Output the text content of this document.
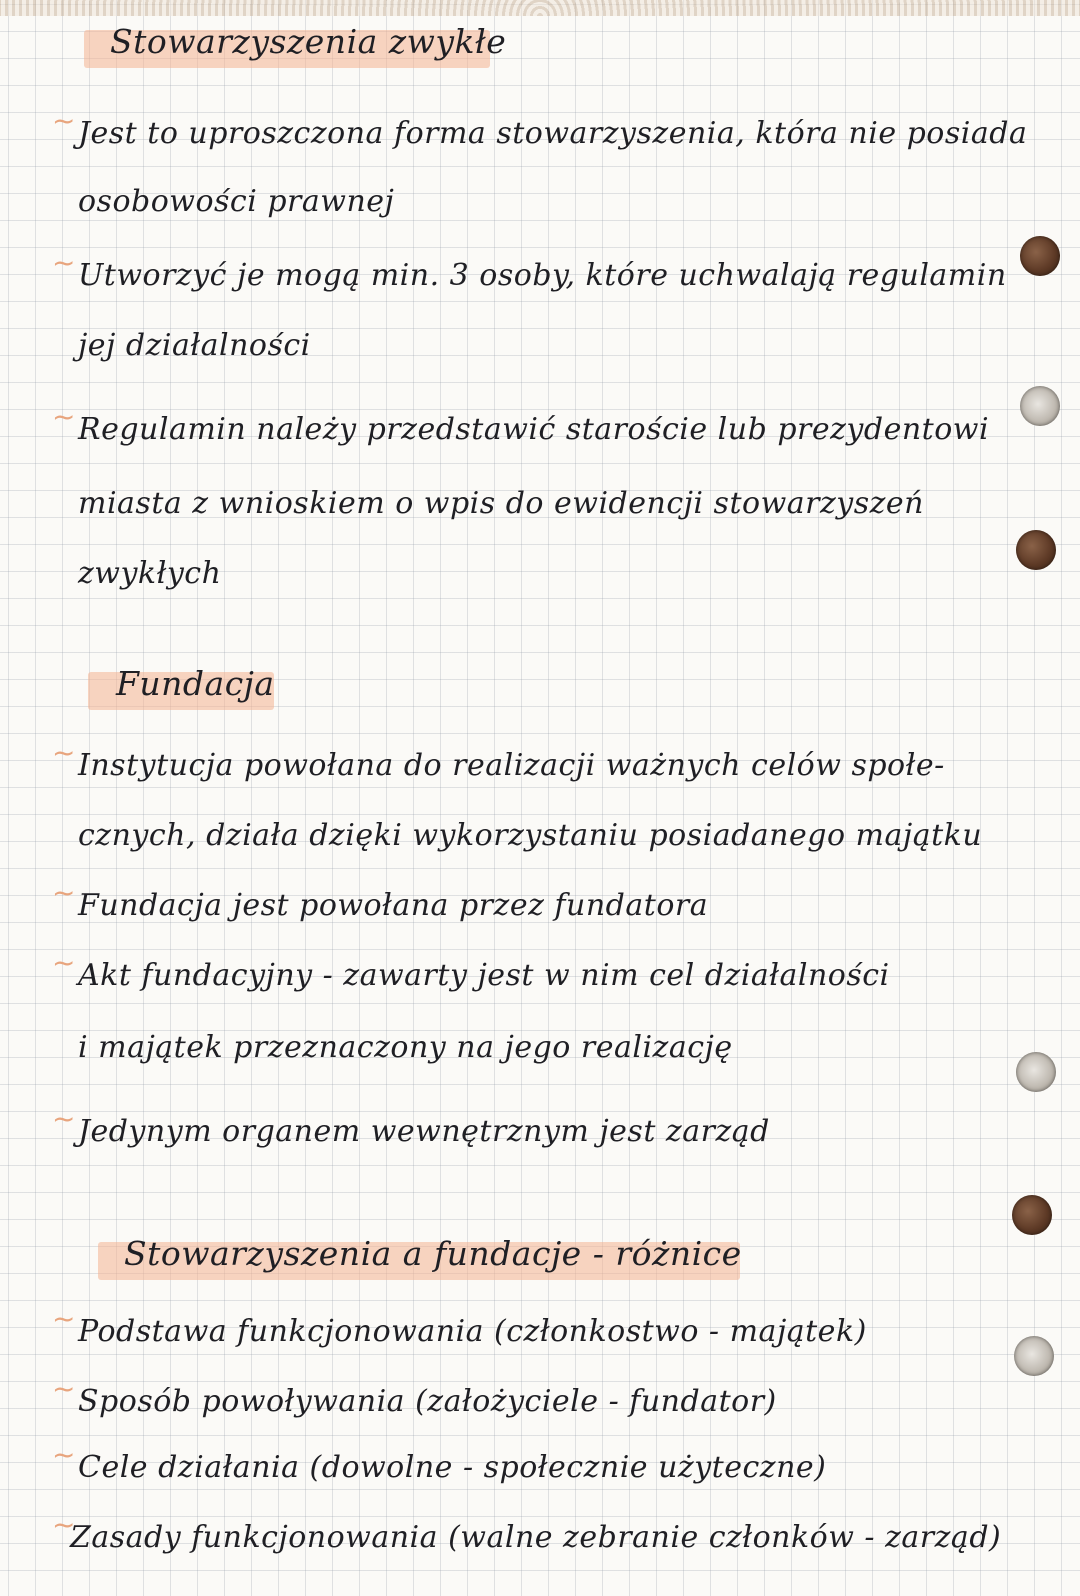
Stowarzyszenia zwykłe
~ Jest to uproszczona forma stowarzyszenia, która nie posiada
osobowości prawnej
~ Utworzyć je mogą min. 3 osoby, które uchwalają regulamin
jej działalności
~ Regulamin należy przedstawić staroście lub prezydentowi
miasta z wnioskiem o wpis do ewidencji stowarzyszeń
zwykłych
Fundacja
~ Instytucja powołana do realizacji ważnych celów społe-
cznych, działa dzięki wykorzystaniu posiadanego majątku
~ Fundacja jest powołana przez fundatora
~ Akt fundacyjny - zawarty jest w nim cel działalności
i majątek przeznaczony na jego realizację
~ Jedynym organem wewnętrznym jest zarząd
Stowarzyszenia a fundacje - różnice
~ Podstawa funkcjonowania (członkostwo - majątek)
~ Sposób powoływania (założyciele - fundator)
~ Cele działania (dowolne - społecznie użyteczne)
~
Zasady funkcjonowania (walne zebranie członków - zarząd)
